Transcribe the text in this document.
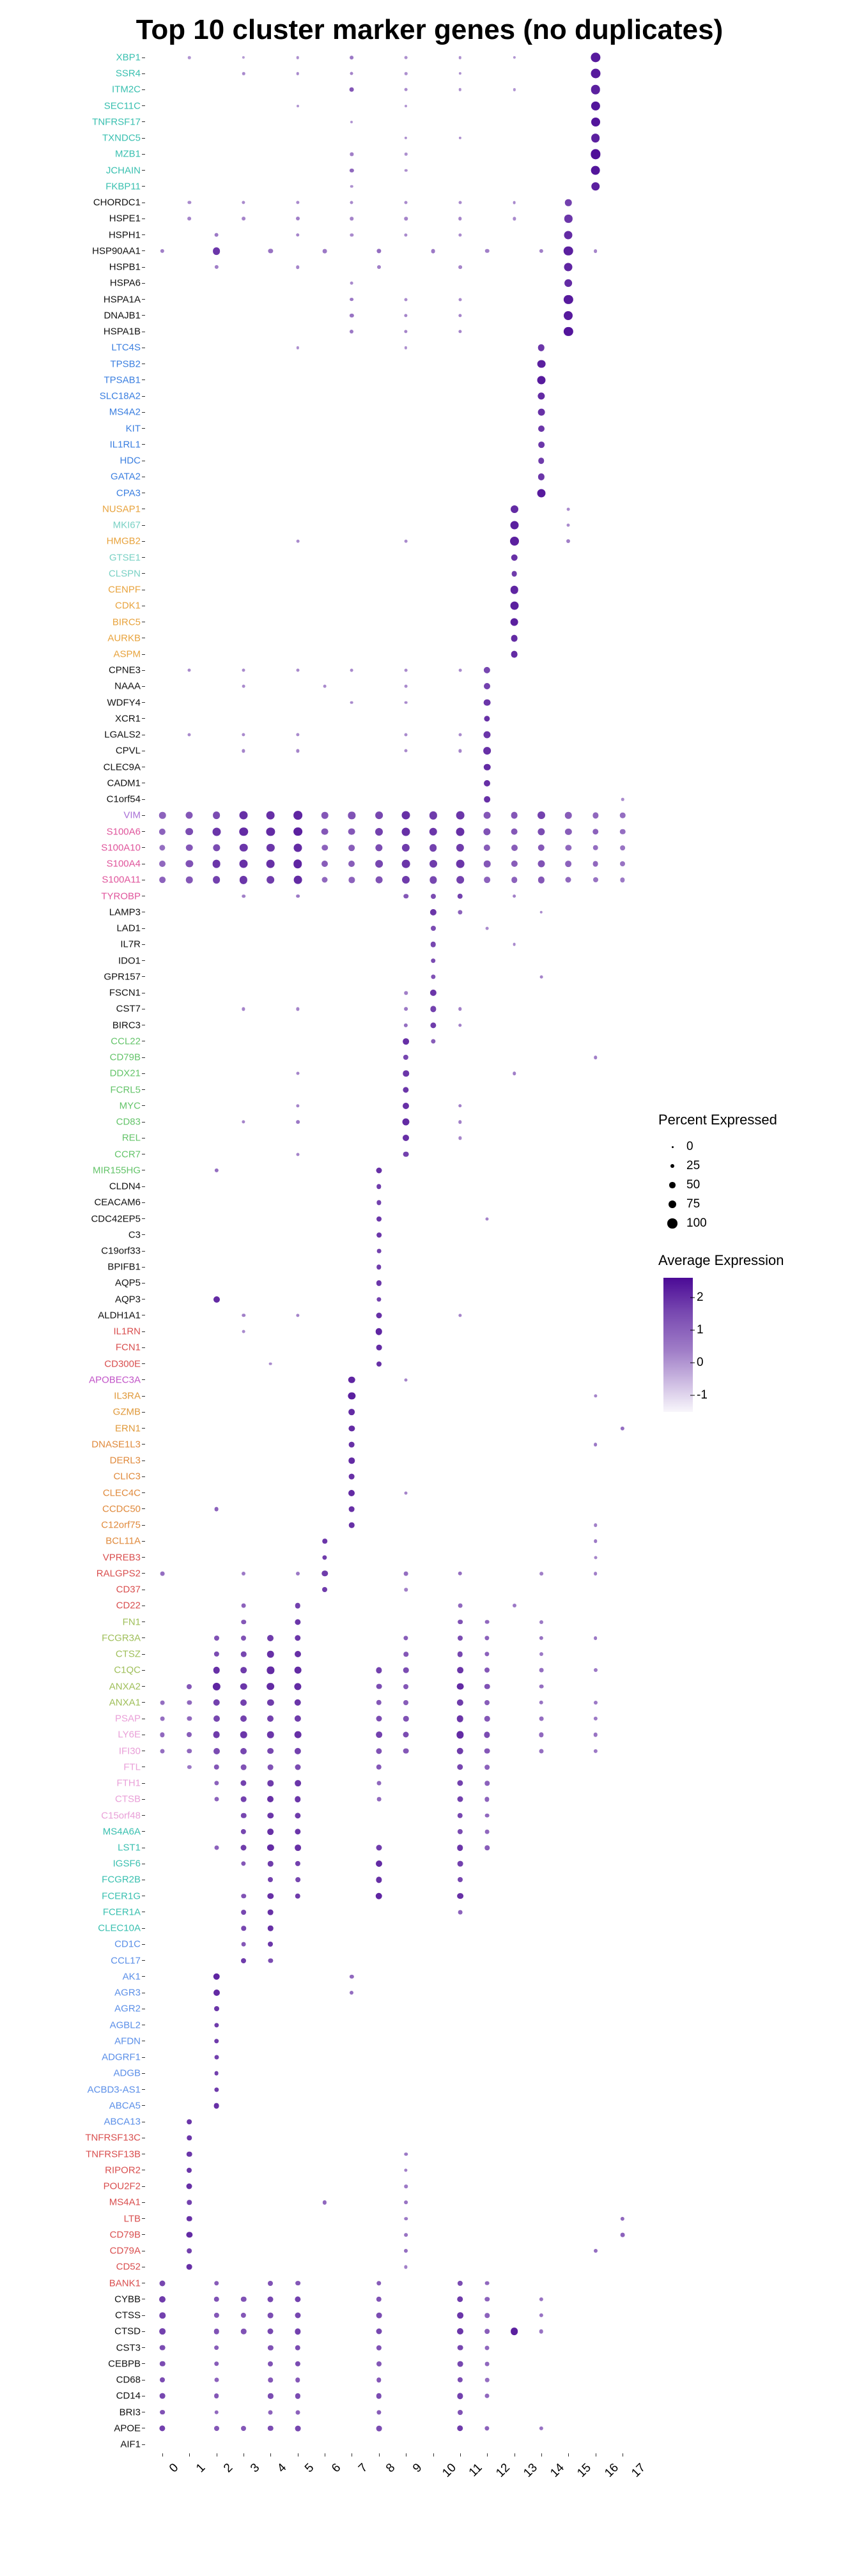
Top 10 cluster marker genes (no duplicates)
XBP1
SSR4
ITM2C
SEC11C
TNFRSF17
TXNDC5
MZB1
JCHAIN
FKBP11
CHORDC1
HSPE1
HSPH1
HSP90AA1
HSPB1
HSPA6
HSPA1A
DNAJB1
HSPA1B
LTC4S
TPSB2
TPSAB1
SLC18A2
MS4A2
KIT
IL1RL1
HDC
GATA2
CPA3
NUSAP1
MKI67
HMGB2
GTSE1
CLSPN
CENPF
CDK1
BIRC5
AURKB
ASPM
CPNE3
NAAA
WDFY4
XCR1
LGALS2
CPVL
CLEC9A
CADM1
C1orf54
VIM
S100A6
S100A10
S100A4
S100A11
TYROBP
LAMP3
LAD1
IL7R
IDO1
GPR157
FSCN1
CST7
BIRC3
CCL22
CD79B
DDX21
FCRL5
MYC
CD83
REL
CCR7
MIR155HG
CLDN4
CEACAM6
CDC42EP5
C3
C19orf33
BPIFB1
AQP5
AQP3
ALDH1A1
IL1RN
FCN1
CD300E
APOBEC3A
IL3RA
GZMB
ERN1
DNASE1L3
DERL3
CLIC3
CLEC4C
CCDC50
C12orf75
BCL11A
VPREB3
RALGPS2
CD37
CD22
FN1
FCGR3A
CTSZ
C1QC
ANXA2
ANXA1
PSAP
LY6E
IFI30
FTL
FTH1
CTSB
C15orf48
MS4A6A
LST1
IGSF6
FCGR2B
FCER1G
FCER1A
CLEC10A
CD1C
CCL17
AK1
AGR3
AGR2
AGBL2
AFDN
ADGRF1
ADGB
ACBD3-AS1
ABCA5
ABCA13
TNFRSF13C
TNFRSF13B
RIPOR2
POU2F2
MS4A1
LTB
CD79B
CD79A
CD52
BANK1
CYBB
CTSS
CTSD
CST3
CEBPB
CD68
CD14
BRI3
APOE
AIF1
0 1 2 3 4 5 6 7 8 9 10 11 12 13 14 15 16 17
Percent Expressed
0
25
50
75
100
Average Expression
2
1
0
-1
